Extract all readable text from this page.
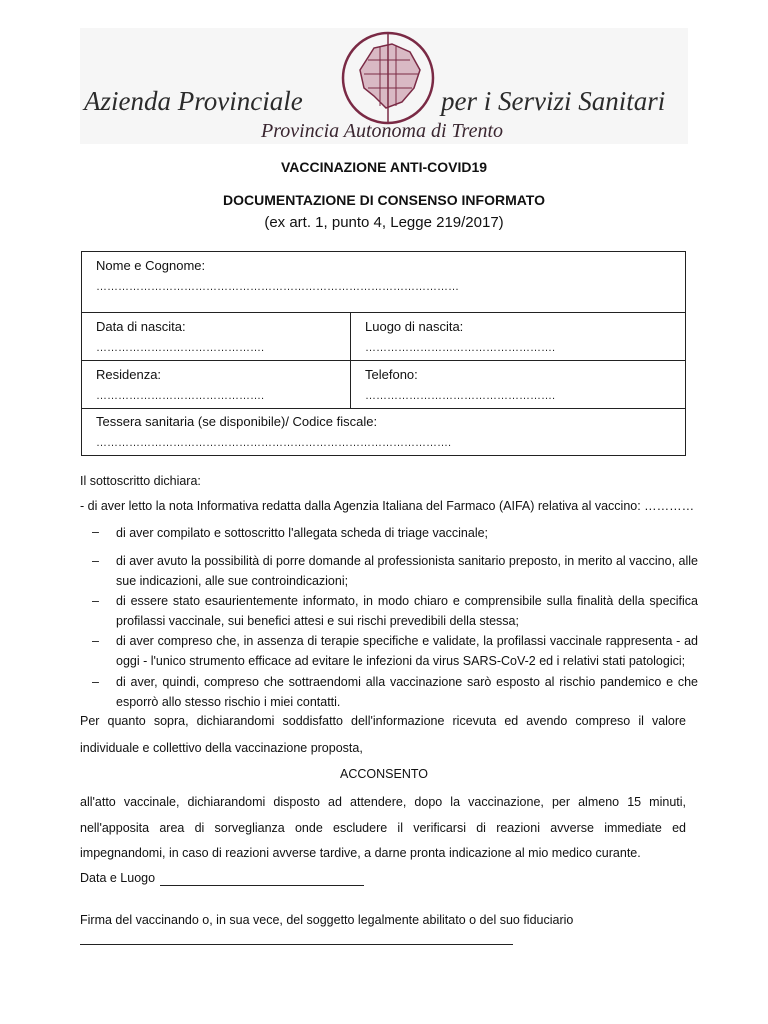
Azienda Provinciale	per i Servizi Sanitari
Provincia Autonoma di Trento
VACCINAZIONE ANTI-COVID19
DOCUMENTAZIONE DI CONSENSO INFORMATO
(ex art. 1, punto 4, Legge 219/2017)
Nome e Cognome:
………………………………………………………………………………………
Data di nascita:
……………………………………….
Luogo di nascita:
…………………………………………….
Residenza:
……………………………………….
Telefono:
…………………………………………….
Tessera sanitaria (se disponibile)/ Codice fiscale:
…………………………………………………………………………………….
Il sottoscritto dichiara:
- di aver letto la nota Informativa redatta dalla Agenzia Italiana del Farmaco (AIFA) relativa al vaccino: …………
– di aver compilato e sottoscritto l'allegata scheda di triage vaccinale;
– di aver avuto la possibilità di porre domande al professionista sanitario preposto, in merito al vaccino, alle sue indicazioni, alle sue controindicazioni;
– di essere stato esaurientemente informato, in modo chiaro e comprensibile sulla finalità della specifica profilassi vaccinale, sui benefici attesi e sui rischi prevedibili della stessa;
– di aver compreso che, in assenza di terapie specifiche e validate, la profilassi vaccinale rappresenta - ad oggi - l'unico strumento efficace ad evitare le infezioni da virus SARS-CoV-2 ed i relativi stati patologici;
– di aver, quindi, compreso che sottraendomi alla vaccinazione sarò esposto al rischio pandemico e che esporrò allo stesso rischio i miei contatti.
Per quanto sopra, dichiarandomi soddisfatto dell'informazione ricevuta ed avendo compreso il valore
individuale e collettivo della vaccinazione proposta,
ACCONSENTO
all'atto vaccinale, dichiarandomi disposto ad attendere, dopo la vaccinazione, per almeno 15 minuti,
nell'apposita area di sorveglianza onde escludere il verificarsi di reazioni avverse immediate ed
impegnandomi, in caso di reazioni avverse tardive, a darne pronta indicazione al mio medico curante.
Data e Luogo
Firma del vaccinando o, in sua vece, del soggetto legalmente abilitato o del suo fiduciario
